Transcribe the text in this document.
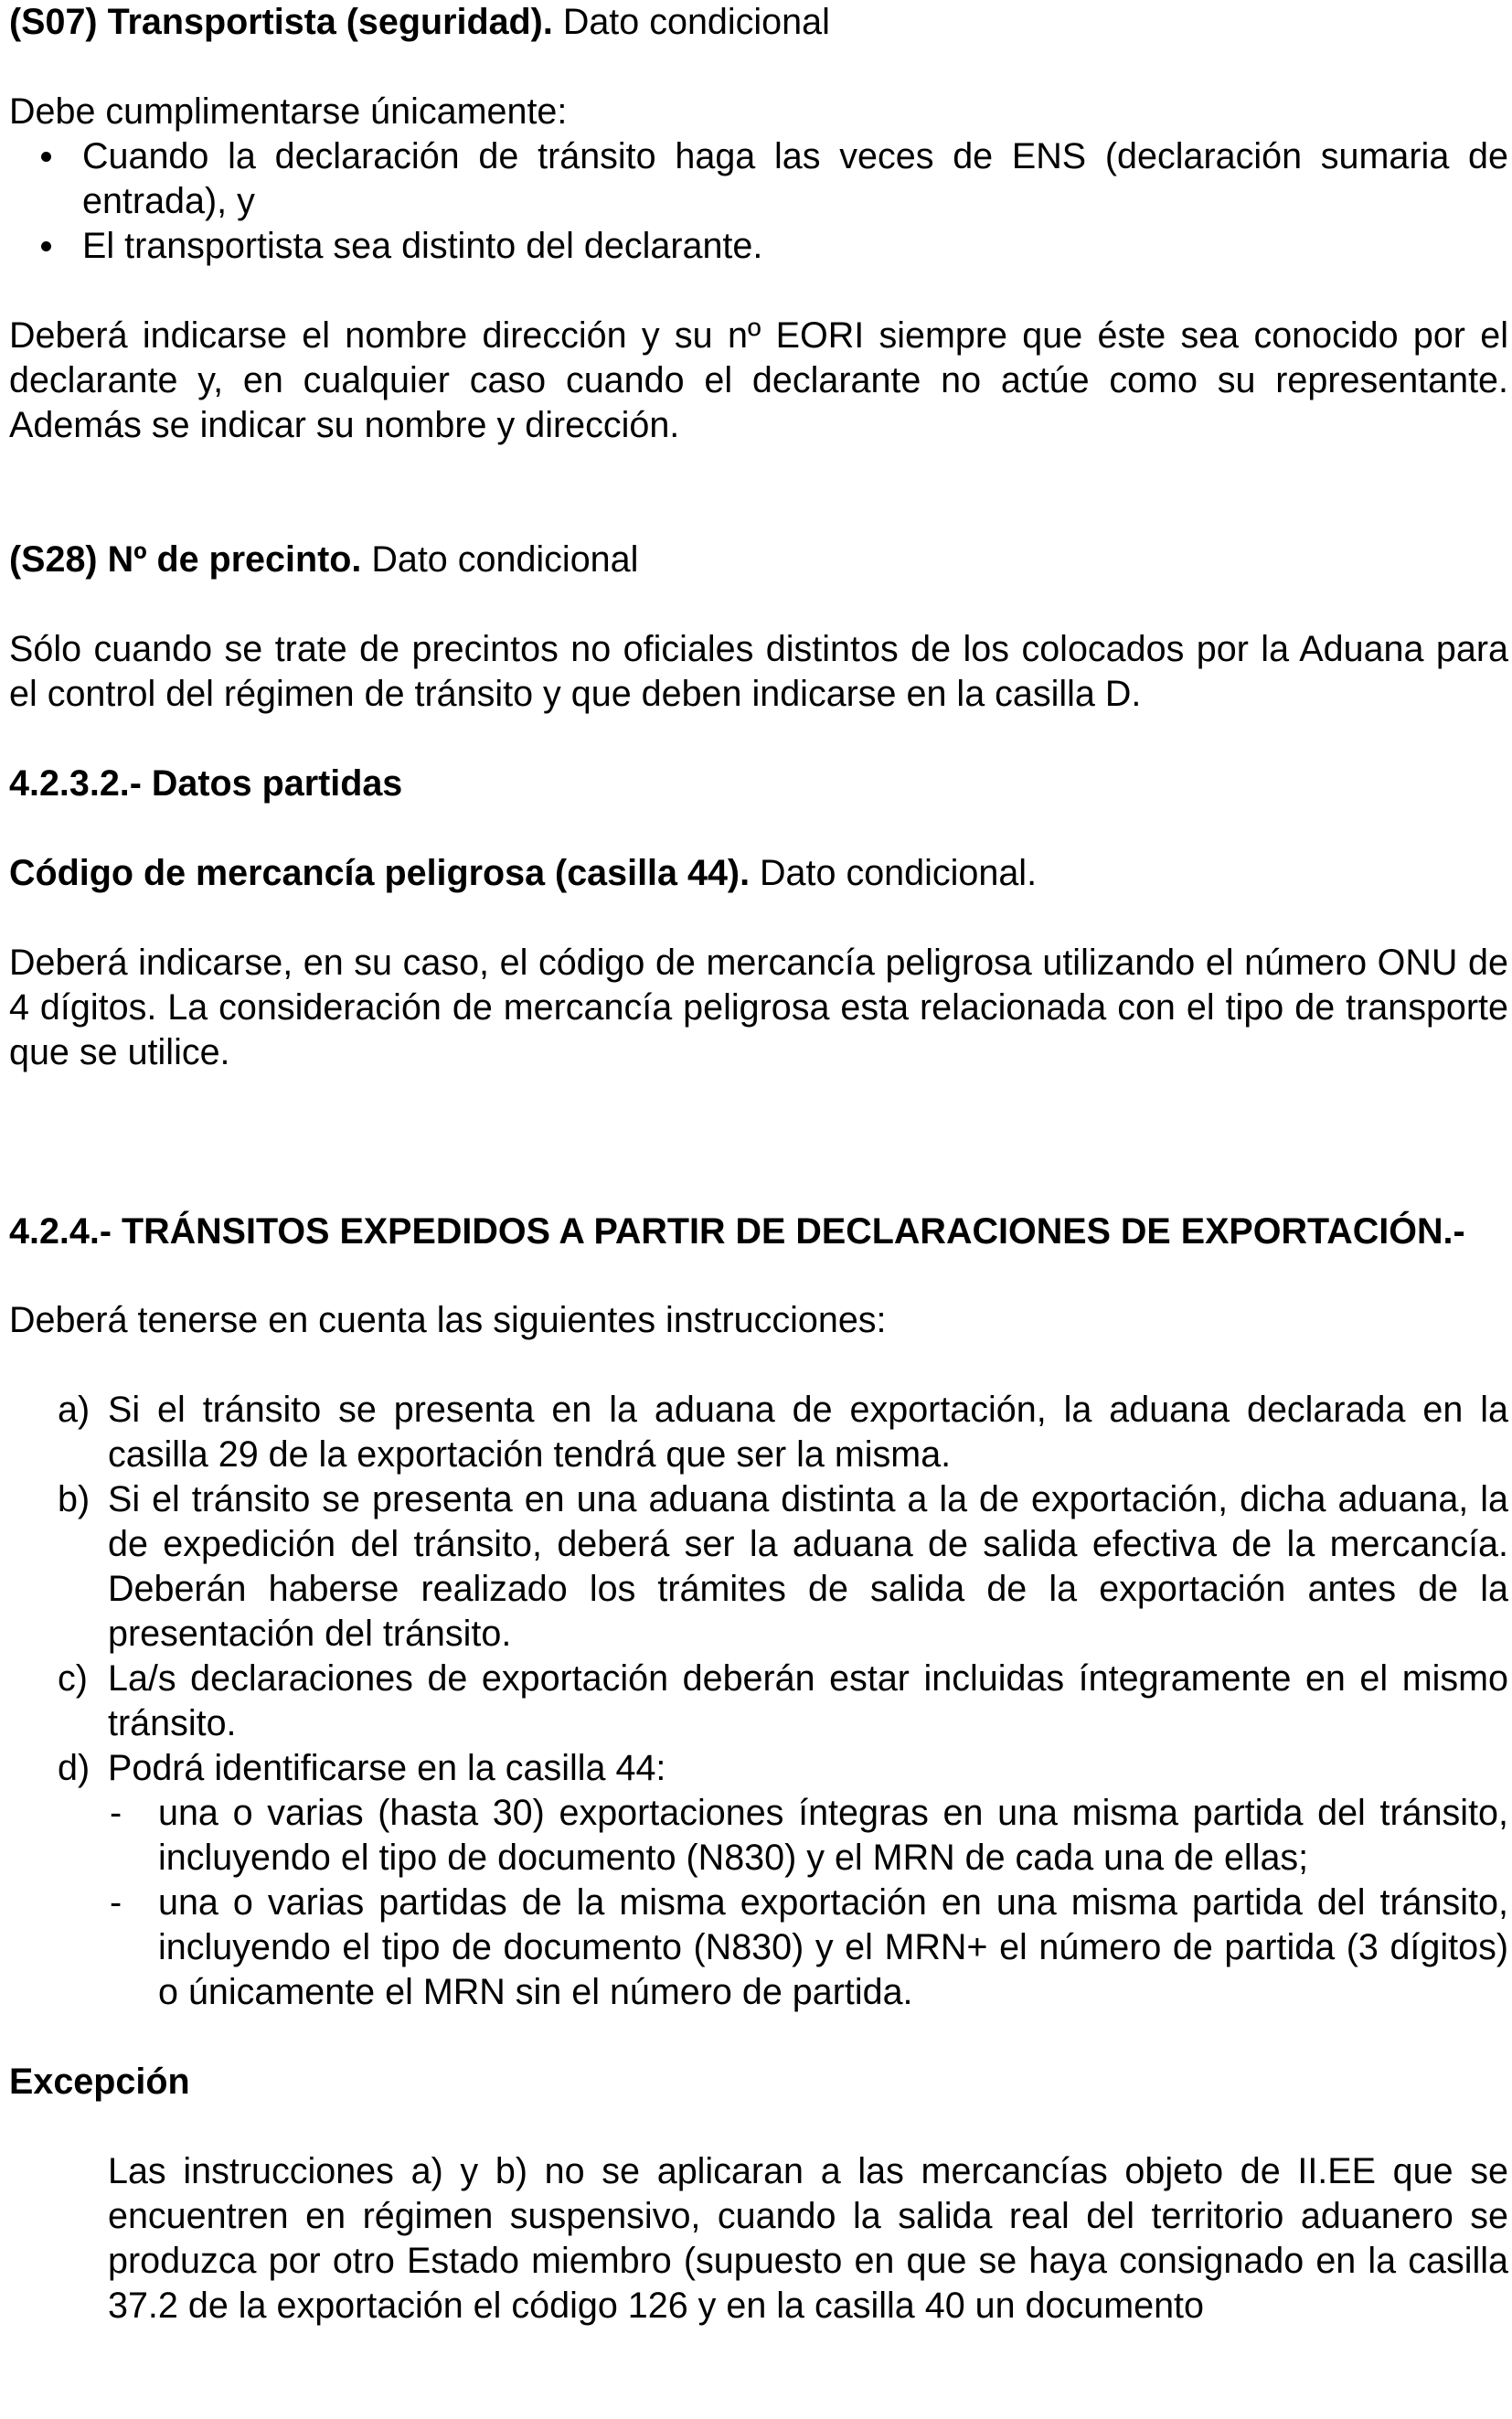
(S07) Transportista (seguridad). Dato condicional

Debe cumplimentarse únicamente:

Cuando la declaración de tránsito haga las veces de ENS (declaración sumaria de entrada), y
El transportista sea distinto del declarante.

Deberá indicarse el nombre dirección y su nº EORI siempre que éste sea conocido por el declarante y, en cualquier caso cuando el declarante no actúe como su representante. Además se indicar su nombre y dirección.

(S28) Nº de precinto. Dato condicional

Sólo cuando se trate de precintos no oficiales distintos de los colocados por la Aduana para el control del régimen de tránsito y que deben indicarse en la casilla D.

4.2.3.2.- Datos partidas

Código de mercancía peligrosa (casilla 44). Dato condicional.

Deberá indicarse, en su caso, el código de mercancía peligrosa utilizando el número ONU de 4 dígitos. La consideración de mercancía peligrosa esta relacionada con el tipo de transporte que se utilice.

4.2.4.- TRÁNSITOS EXPEDIDOS A PARTIR DE DECLARACIONES DE EXPORTACIÓN.-

Deberá tenerse en cuenta las siguientes instrucciones:

a) Si el tránsito se presenta en la aduana de exportación, la aduana declarada en la casilla 29 de la exportación tendrá que ser la misma.
b) Si el tránsito se presenta en una aduana distinta a la de exportación, dicha aduana, la de expedición del tránsito, deberá ser la aduana de salida efectiva de la mercancía. Deberán haberse realizado los trámites de salida de la exportación antes de la presentación del tránsito.
c) La/s declaraciones de exportación deberán estar incluidas íntegramente en el mismo tránsito.
d) Podrá identificarse en la casilla 44:
- una o varias (hasta 30) exportaciones íntegras en una misma partida del tránsito, incluyendo el tipo de documento (N830) y el MRN de cada una de ellas;
- una o varias partidas de la misma exportación en una misma partida del tránsito, incluyendo el tipo de documento (N830) y el MRN+ el número de partida (3 dígitos) o únicamente el MRN sin el número de partida.

Excepción

Las instrucciones a) y b) no se aplicaran a las mercancías objeto de II.EE que se encuentren en régimen suspensivo, cuando la salida real del territorio aduanero se produzca por otro Estado miembro (supuesto en que se haya consignado en la casilla 37.2 de la exportación el código 126 y en la casilla 40 un documento
